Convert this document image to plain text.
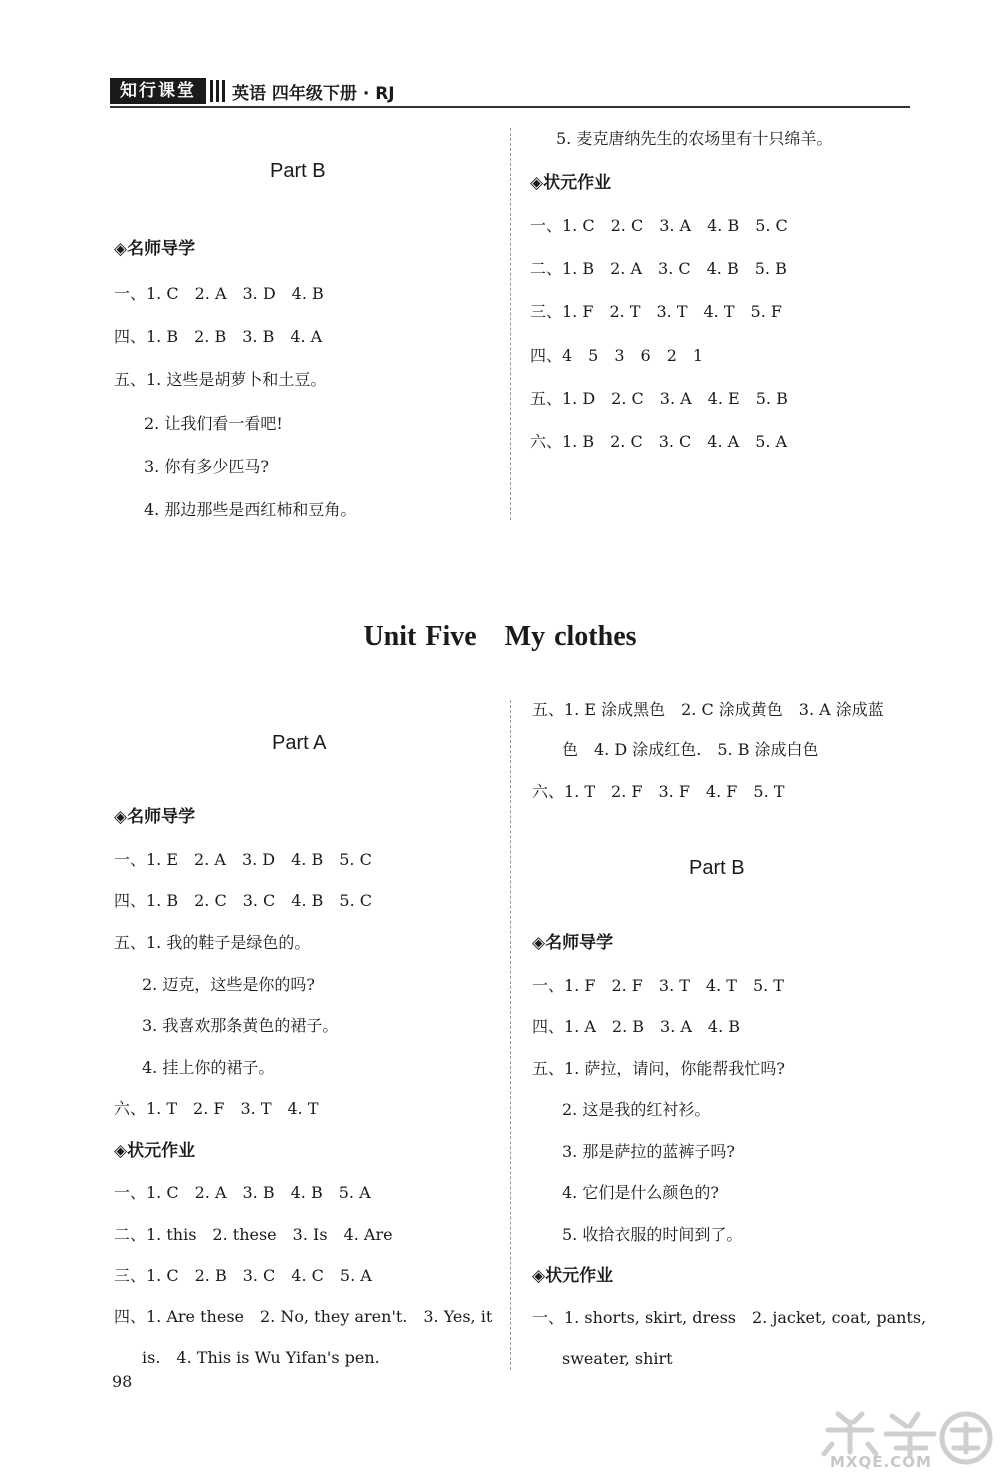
知行课堂	英语 四年级下册 · RJ
Part B
◈名师导学
一、1. C　2. A　3. D　4. B
四、1. B　2. B　3. B　4. A
五、1. 这些是胡萝卜和土豆。
2. 让我们看一看吧!
3. 你有多少匹马?
4. 那边那些是西红柿和豆角。
5. 麦克唐纳先生的农场里有十只绵羊。
◈状元作业
一、1. C　2. C　3. A　4. B　5. C
二、1. B　2. A　3. C　4. B　5. B
三、1. F　2. T　3. T　4. T　5. F
四、4　5　3　6　2　1
五、1. D　2. C　3. A　4. E　5. B
六、1. B　2. C　3. C　4. A　5. A
Unit Five　My clothes
Part A
◈名师导学
一、1. E　2. A　3. D　4. B　5. C
四、1. B　2. C　3. C　4. B　5. C
五、1. 我的鞋子是绿色的。
2. 迈克，这些是你的吗?
3. 我喜欢那条黄色的裙子。
4. 挂上你的裙子。
六、1. T　2. F　3. T　4. T
◈状元作业
一、1. C　2. A　3. B　4. B　5. A
二、1. this　2. these　3. Is　4. Are
三、1. C　2. B　3. C　4. C　5. A
四、1. Are these　2. No, they aren't.　3. Yes, it
is.　4. This is Wu Yifan's pen.
五、1. E 涂成黑色　2. C 涂成黄色　3. A 涂成蓝
色　4. D 涂成红色.　5. B 涂成白色
六、1. T　2. F　3. F　4. F　5. T
Part B
◈名师导学
一、1. F　2. F　3. T　4. T　5. T
四、1. A　2. B　3. A　4. B
五、1. 萨拉，请问，你能帮我忙吗?
2. 这是我的红衬衫。
3. 那是萨拉的蓝裤子吗?
4. 它们是什么颜色的?
5. 收拾衣服的时间到了。
◈状元作业
一、1. shorts, skirt, dress　2. jacket, coat, pants,
sweater, shirt
98
MXQE.COM
